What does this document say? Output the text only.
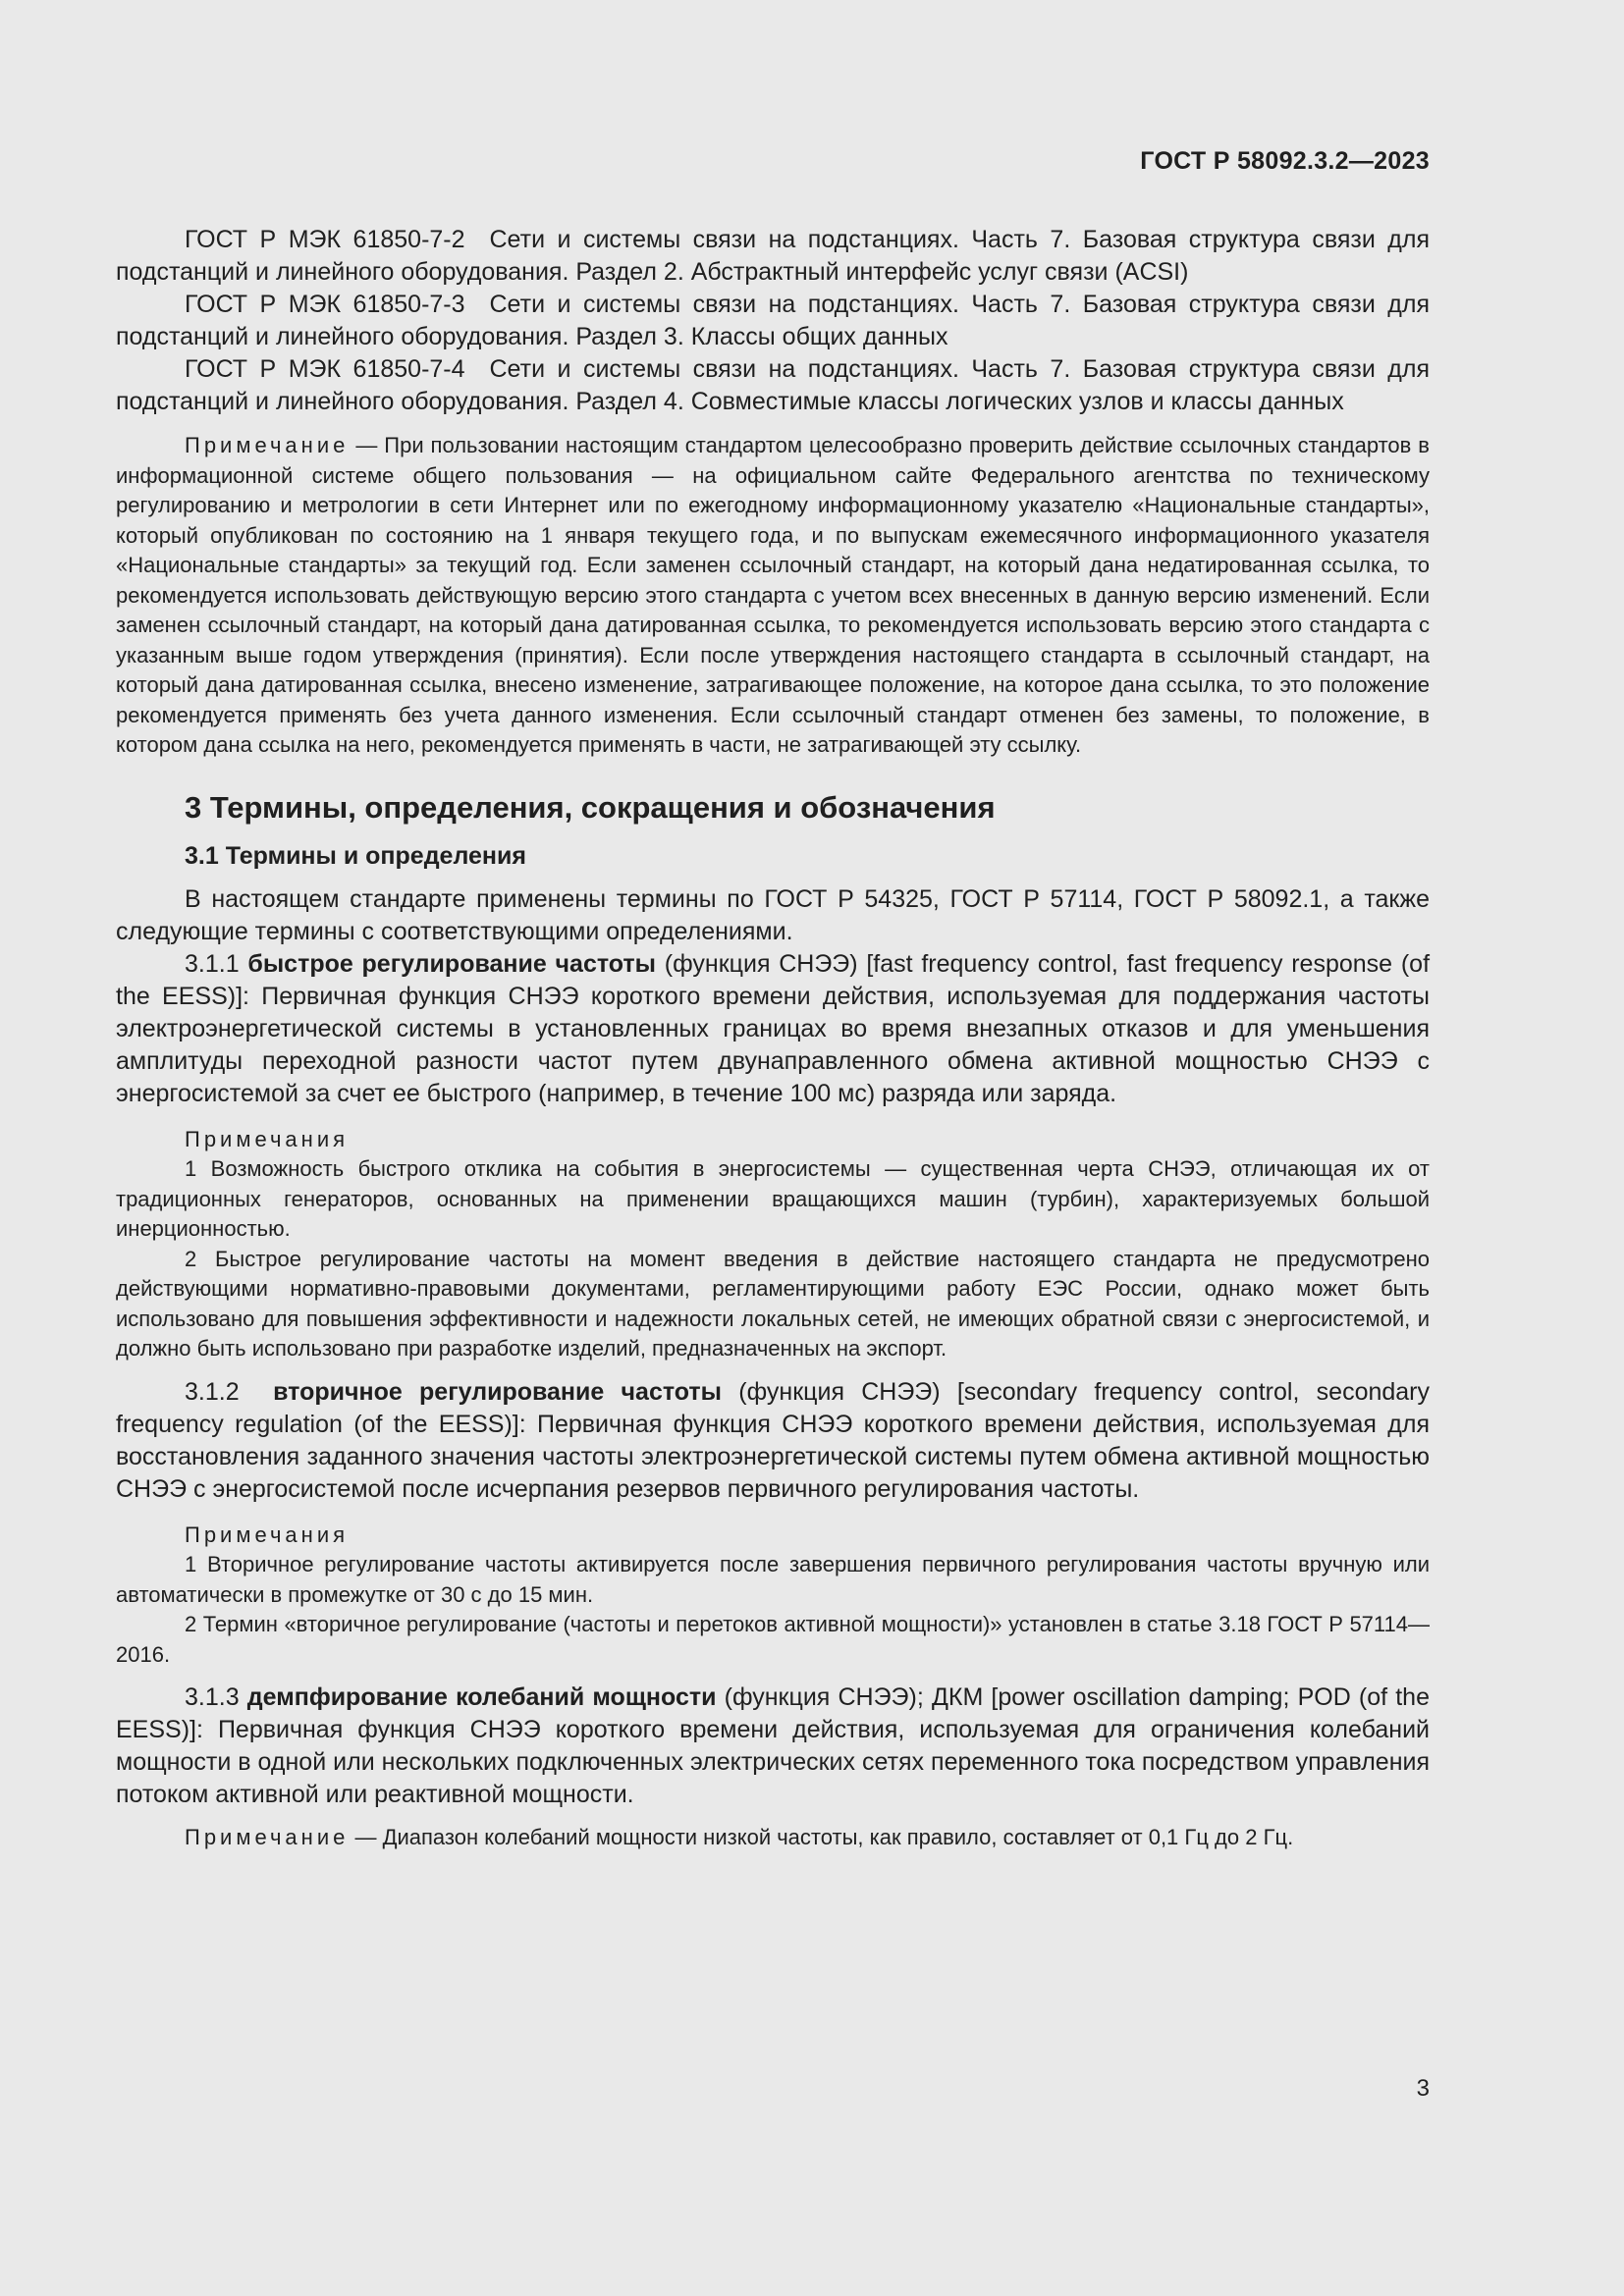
ГОСТ Р 58092.3.2—2023

ГОСТ Р МЭК 61850-7-2 Сети и системы связи на подстанциях. Часть 7. Базовая структура связи для подстанций и линейного оборудования. Раздел 2. Абстрактный интерфейс услуг связи (ACSI)

ГОСТ Р МЭК 61850-7-3 Сети и системы связи на подстанциях. Часть 7. Базовая структура связи для подстанций и линейного оборудования. Раздел 3. Классы общих данных

ГОСТ Р МЭК 61850-7-4 Сети и системы связи на подстанциях. Часть 7. Базовая структура связи для подстанций и линейного оборудования. Раздел 4. Совместимые классы логических узлов и классы данных

Примечание — При пользовании настоящим стандартом целесообразно проверить действие ссылочных стандартов в информационной системе общего пользования — на официальном сайте Федерального агентства по техническому регулированию и метрологии в сети Интернет или по ежегодному информационному указателю «Национальные стандарты», который опубликован по состоянию на 1 января текущего года, и по выпускам ежемесячного информационного указателя «Национальные стандарты» за текущий год. Если заменен ссылочный стандарт, на который дана недатированная ссылка, то рекомендуется использовать действующую версию этого стандарта с учетом всех внесенных в данную версию изменений. Если заменен ссылочный стандарт, на который дана датированная ссылка, то рекомендуется использовать версию этого стандарта с указанным выше годом утверждения (принятия). Если после утверждения настоящего стандарта в ссылочный стандарт, на который дана датированная ссылка, внесено изменение, затрагивающее положение, на которое дана ссылка, то это положение рекомендуется применять без учета данного изменения. Если ссылочный стандарт отменен без замены, то положение, в котором дана ссылка на него, рекомендуется применять в части, не затрагивающей эту ссылку.

3 Термины, определения, сокращения и обозначения
3.1 Термины и определения

В настоящем стандарте применены термины по ГОСТ Р 54325, ГОСТ Р 57114, ГОСТ Р 58092.1, а также следующие термины с соответствующими определениями.

3.1.1 быстрое регулирование частоты (функция СНЭЭ) [fast frequency control, fast frequency response (of the EESS)]: Первичная функция СНЭЭ короткого времени действия, используемая для поддержания частоты электроэнергетической системы в установленных границах во время внезапных отказов и для уменьшения амплитуды переходной разности частот путем двунаправленного обмена активной мощностью СНЭЭ с энергосистемой за счет ее быстрого (например, в течение 100 мс) разряда или заряда.

Примечания

1 Возможность быстрого отклика на события в энергосистемы — существенная черта СНЭЭ, отличающая их от традиционных генераторов, основанных на применении вращающихся машин (турбин), характеризуемых большой инерционностью.

2 Быстрое регулирование частоты на момент введения в действие настоящего стандарта не предусмотрено действующими нормативно-правовыми документами, регламентирующими работу ЕЭС России, однако может быть использовано для повышения эффективности и надежности локальных сетей, не имеющих обратной связи с энергосистемой, и должно быть использовано при разработке изделий, предназначенных на экспорт.

3.1.2 вторичное регулирование частоты (функция СНЭЭ) [secondary frequency control, secondary frequency regulation (of the EESS)]: Первичная функция СНЭЭ короткого времени действия, используемая для восстановления заданного значения частоты электроэнергетической системы путем обмена активной мощностью СНЭЭ с энергосистемой после исчерпания резервов первичного регулирования частоты.

Примечания

1 Вторичное регулирование частоты активируется после завершения первичного регулирования частоты вручную или автоматически в промежутке от 30 с до 15 мин.

2 Термин «вторичное регулирование (частоты и перетоков активной мощности)» установлен в статье 3.18 ГОСТ Р 57114—2016.

3.1.3 демпфирование колебаний мощности (функция СНЭЭ); ДКМ [power oscillation damping; POD (of the EESS)]: Первичная функция СНЭЭ короткого времени действия, используемая для ограничения колебаний мощности в одной или нескольких подключенных электрических сетях переменного тока посредством управления потоком активной или реактивной мощности.

Примечание — Диапазон колебаний мощности низкой частоты, как правило, составляет от 0,1 Гц до 2 Гц.

3
